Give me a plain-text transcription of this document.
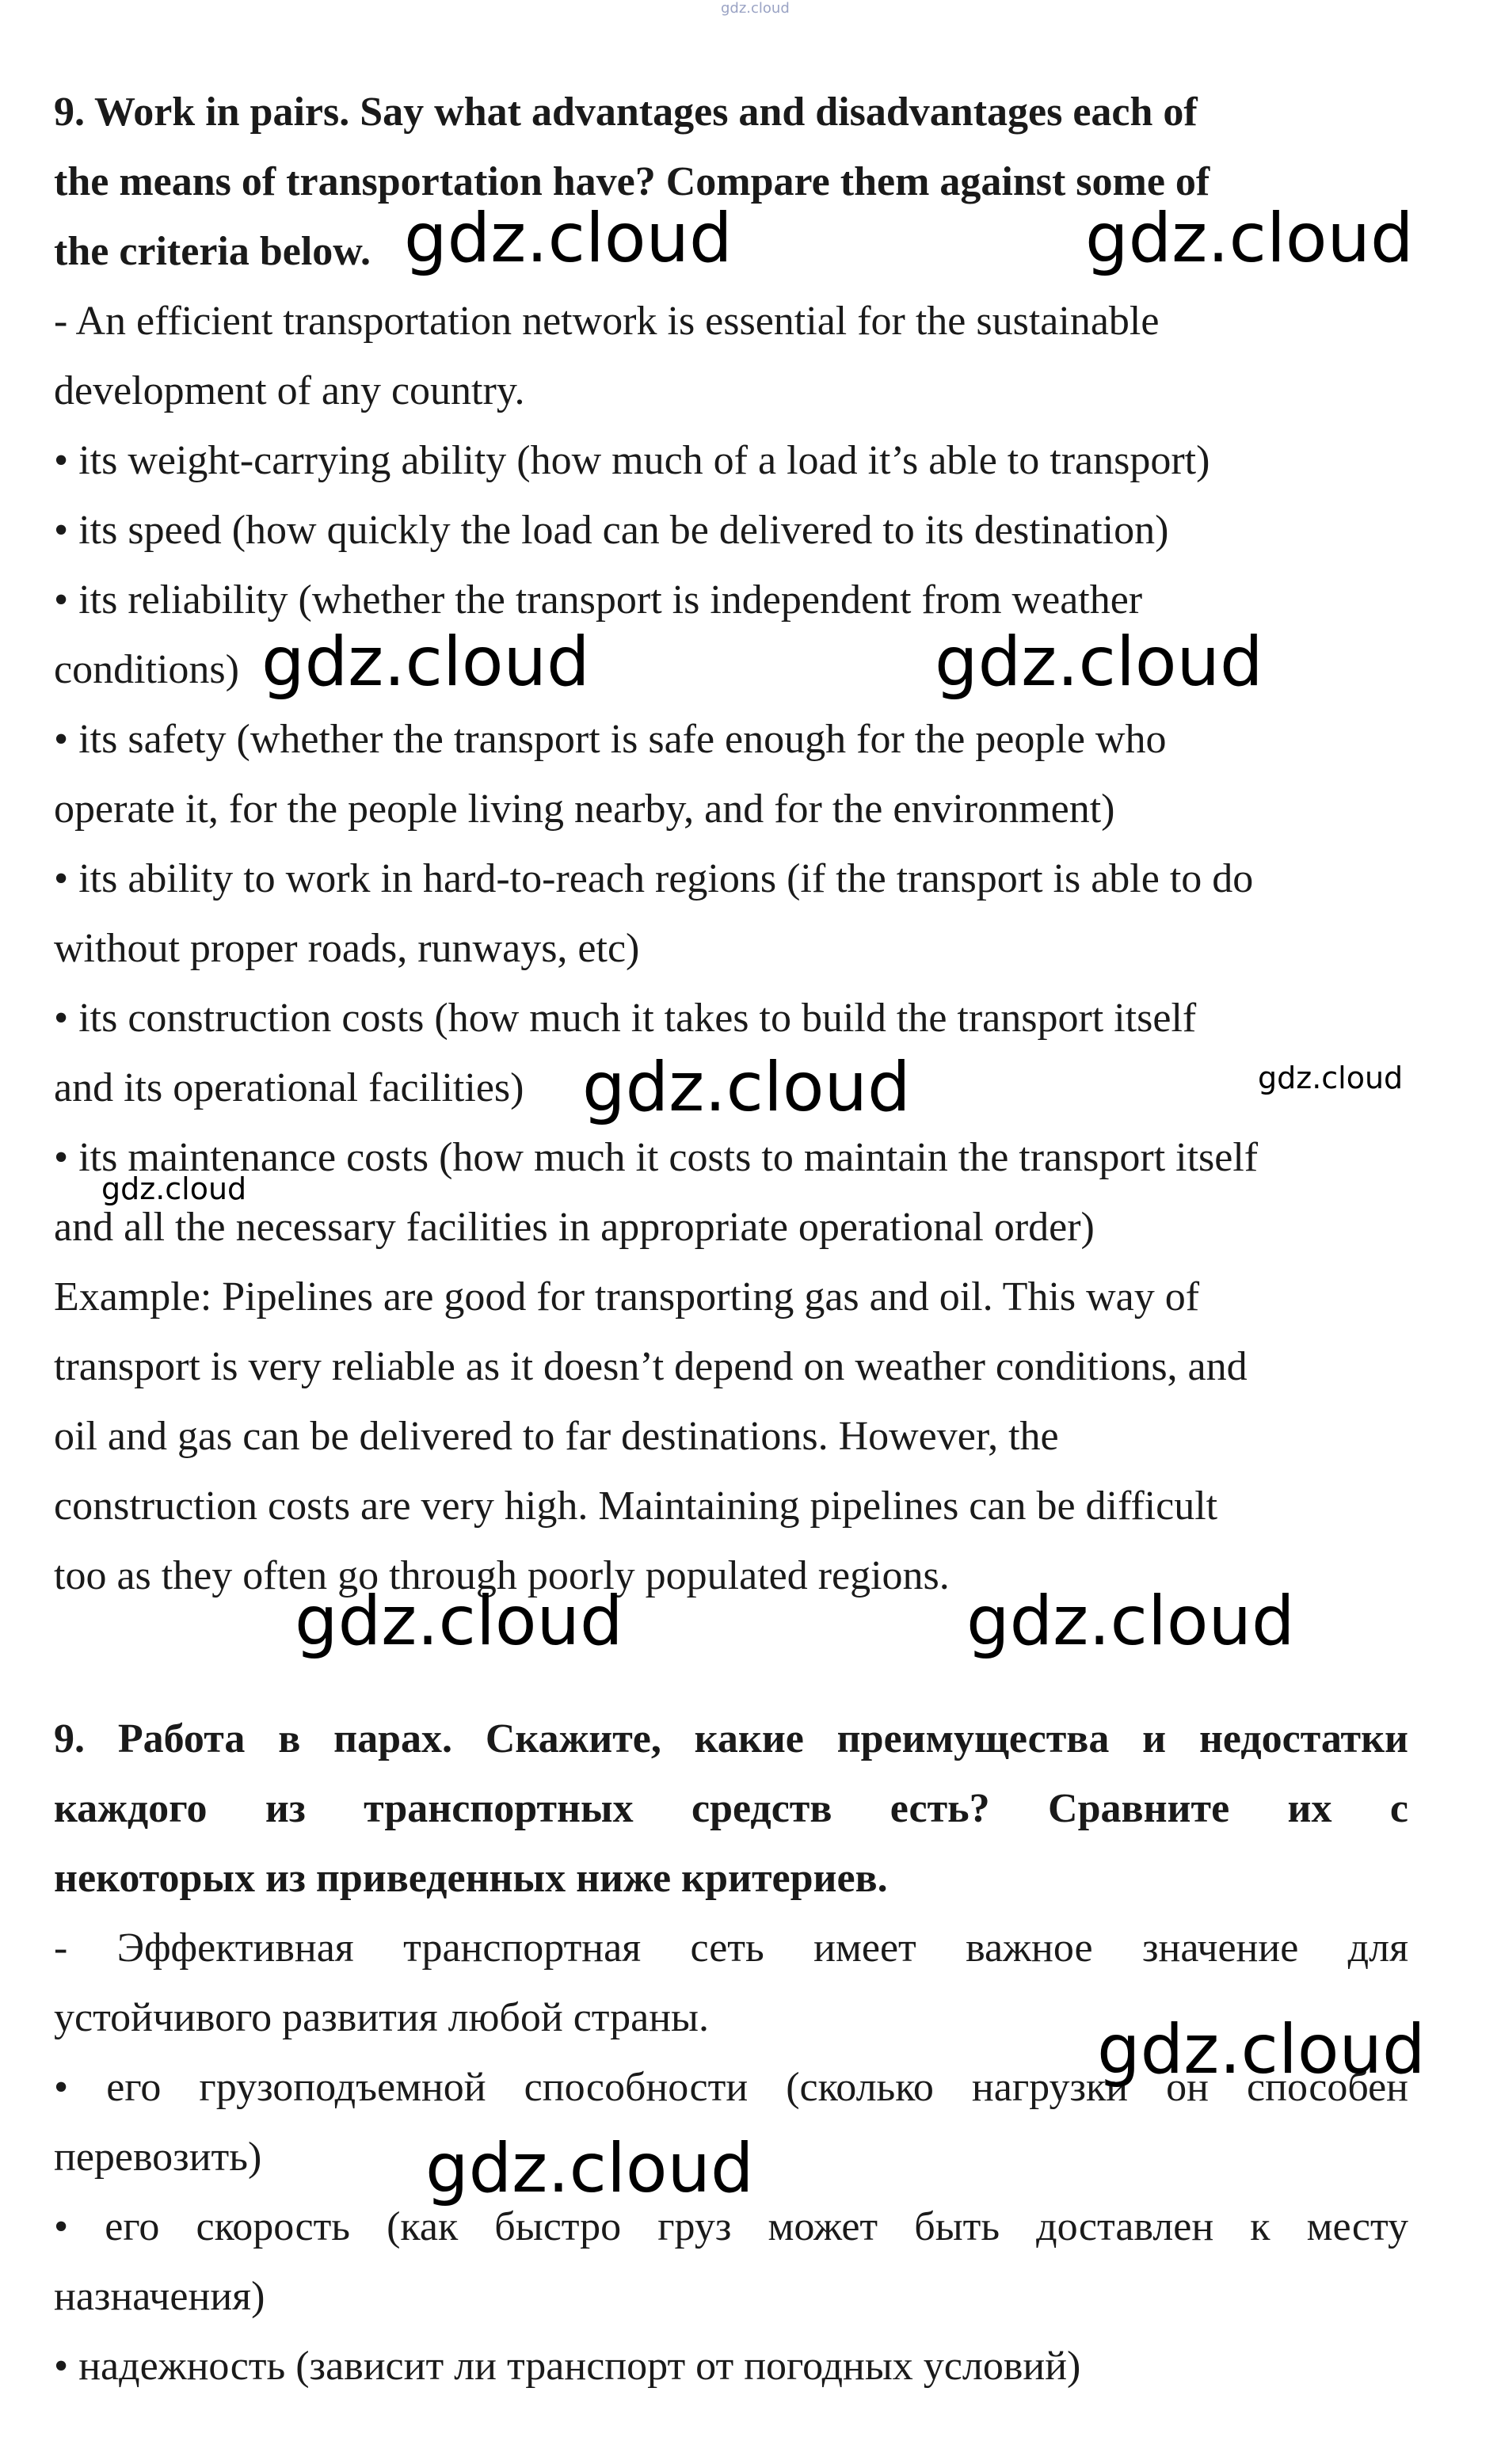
gdz.cloud
9. Work in pairs. Say what advantages and disadvantages each of
the means of transportation have? Compare them against some of
the criteria below.
- An efficient transportation network is essential for the sustainable
development of any country.
• its weight-carrying ability (how much of a load it’s able to transport)
• its speed (how quickly the load can be delivered to its destination)
• its reliability (whether the transport is independent from weather
conditions)
• its safety (whether the transport is safe enough for the people who
operate it, for the people living nearby, and for the environment)
• its ability to work in hard-to-reach regions (if the transport is able to do
without proper roads, runways, etc)
• its construction costs (how much it takes to build the transport itself
and its operational facilities)
• its maintenance costs (how much it costs to maintain the transport itself
and all the necessary facilities in appropriate operational order)
Example: Pipelines are good for transporting gas and oil. This way of
transport is very reliable as it doesn’t depend on weather conditions, and
oil and gas can be delivered to far destinations. However, the
construction costs are very high. Maintaining pipelines can be difficult
too as they often go through poorly populated regions.
9. Работа в парах. Скажите, какие преимущества и недостатки
каждого из транспортных средств есть? Сравните их с
некоторых из приведенных ниже критериев.
- Эффективная транспортная сеть имеет важное значение для
устойчивого развития любой страны.
• его грузоподъемной способности (сколько нагрузки он способен
перевозить)
• его скорость (как быстро груз может быть доставлен к месту
назначения)
• надежность (зависит ли транспорт от погодных условий)
gdz.cloud	gdz.cloud
gdz.cloud	gdz.cloud
gdz.cloud	gdz.cloud
gdz.cloud
gdz.cloud	gdz.cloud
gdz.cloud
gdz.cloud
